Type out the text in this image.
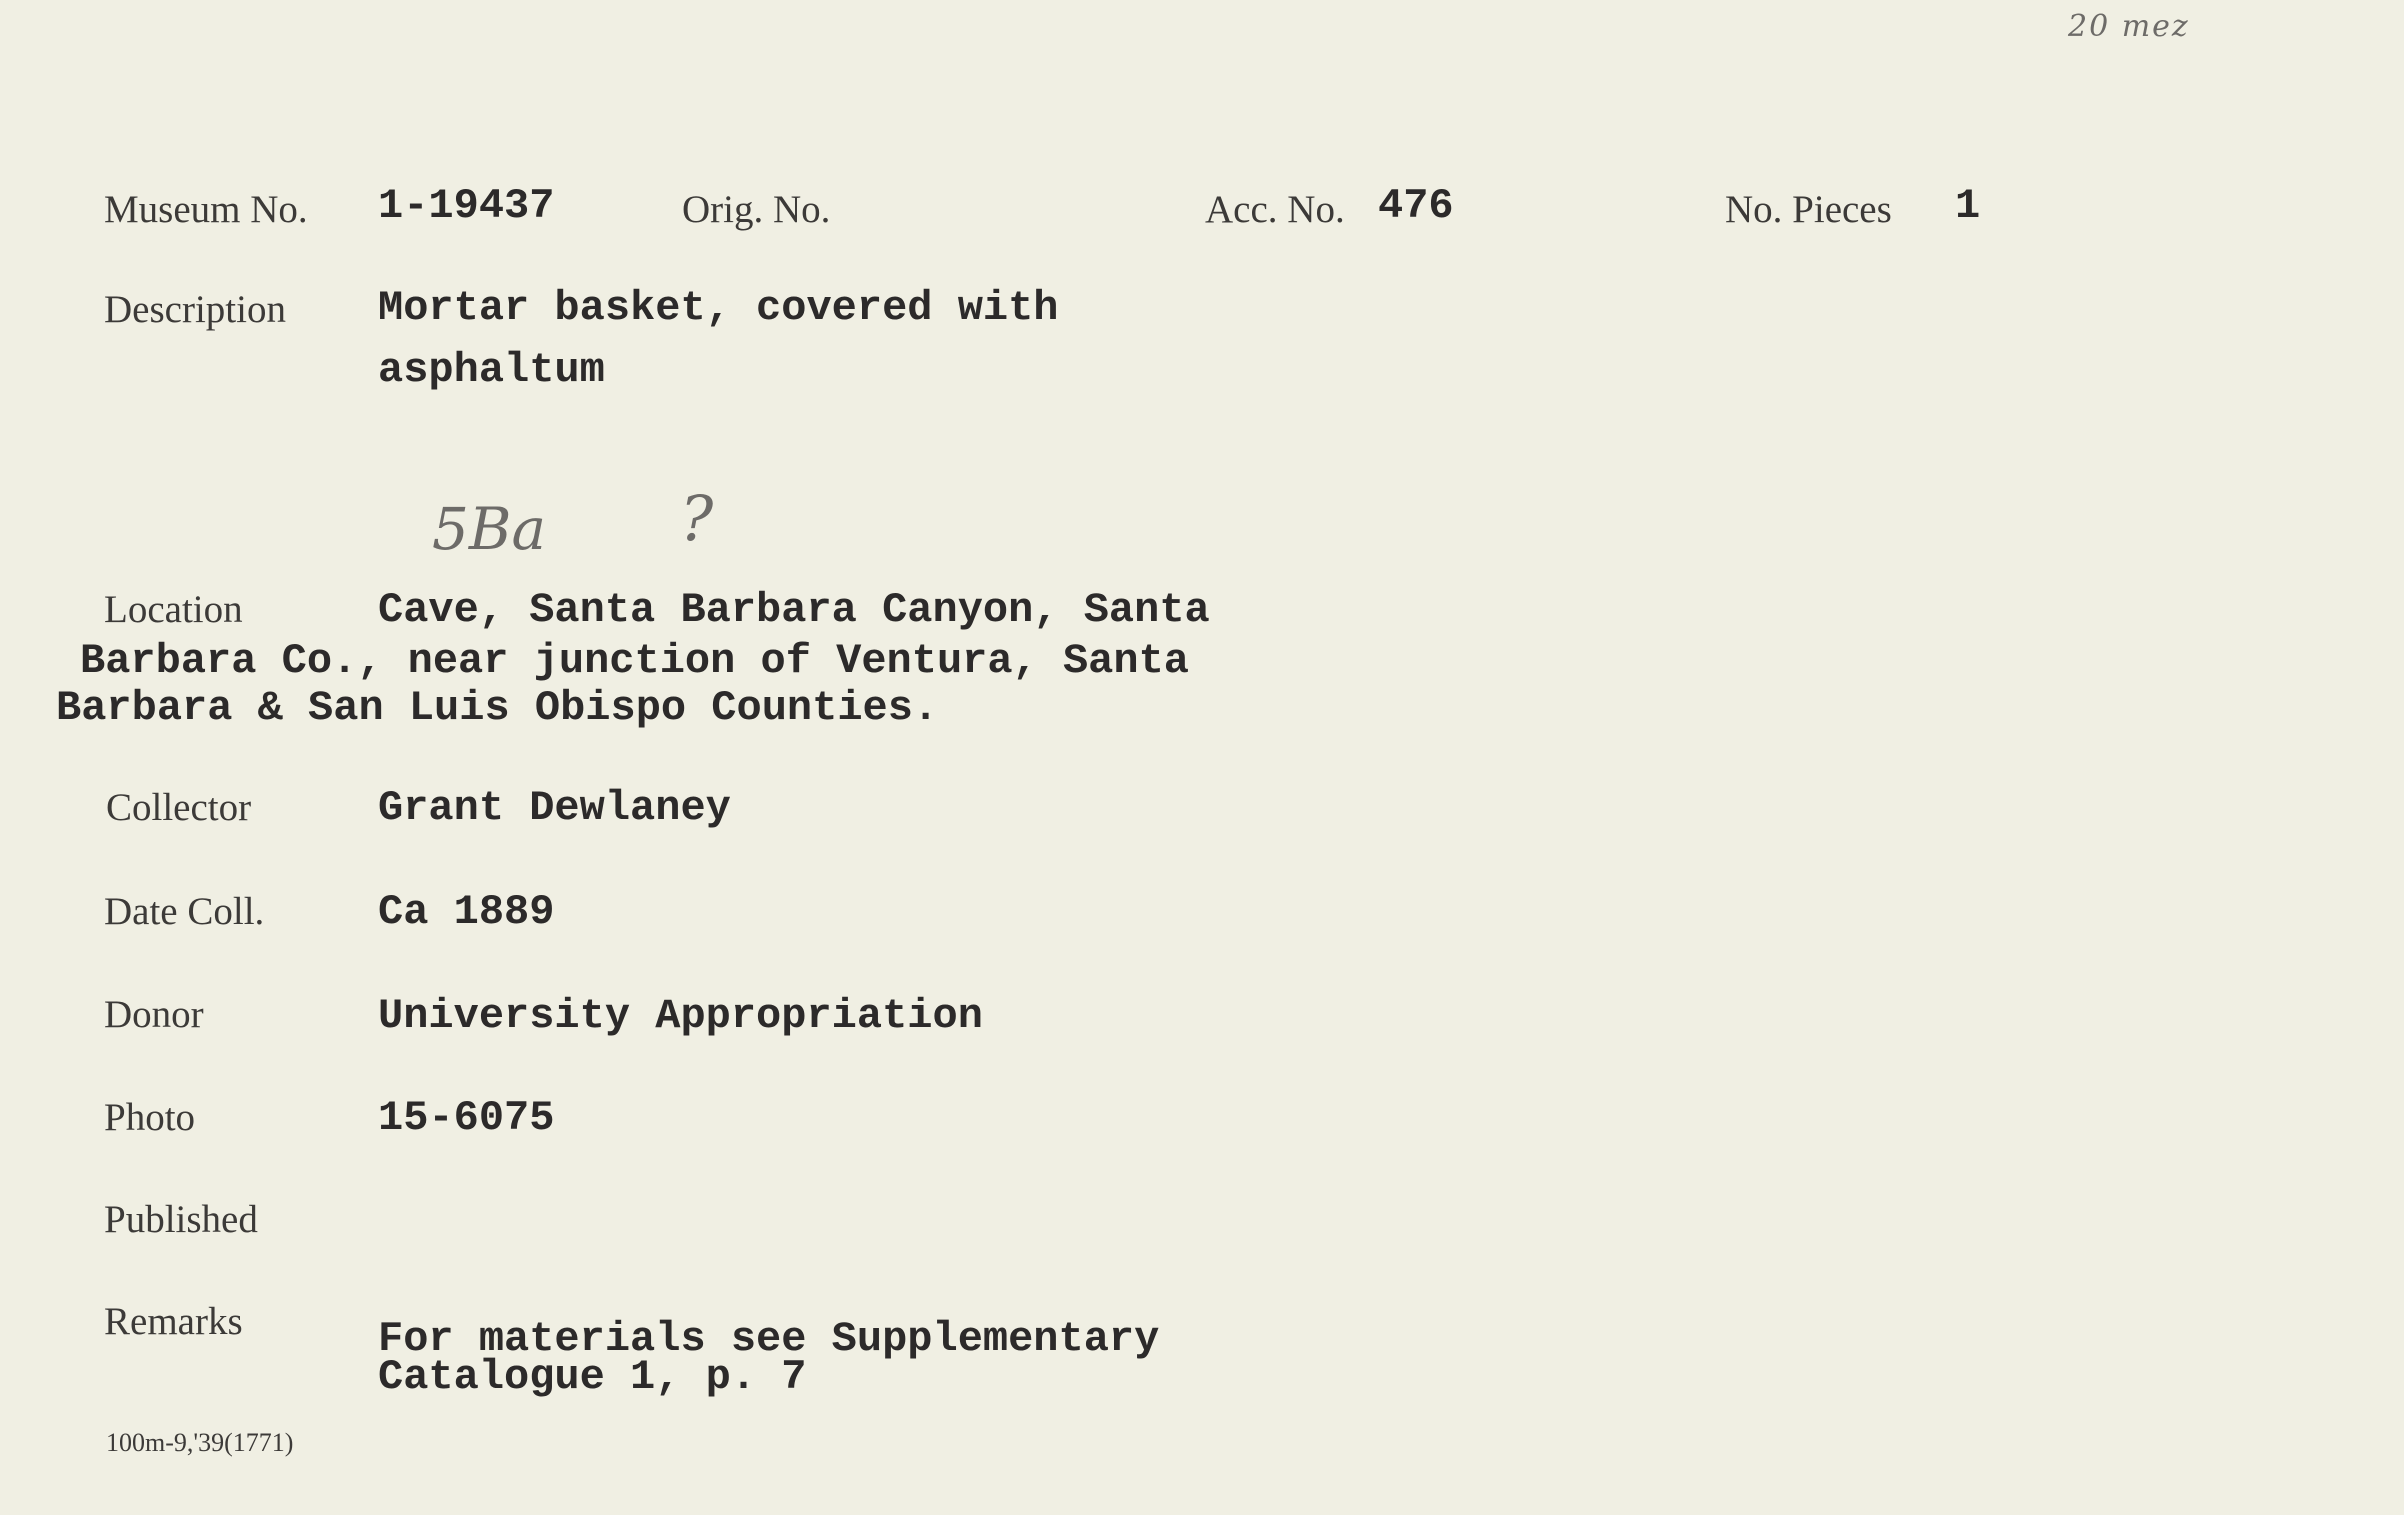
20 mez
Museum No. 1-19437	Orig. No.	Acc. No. 476	No. Pieces 1
Description Mortar basket, covered with
asphaltum
5Ba ?
Location	Cave, Santa Barbara Canyon, Santa
Barbara Co., near junction of Ventura, Santa
Barbara & San Luis Obispo Counties.
Collector	Grant Dewlaney
Date Coll.	Ca 1889
Donor	University Appropriation
Photo	15-6075
Published
Remarks	For materials see Supplementary
Catalogue 1, p. 7
100m-9,'39(1771)
